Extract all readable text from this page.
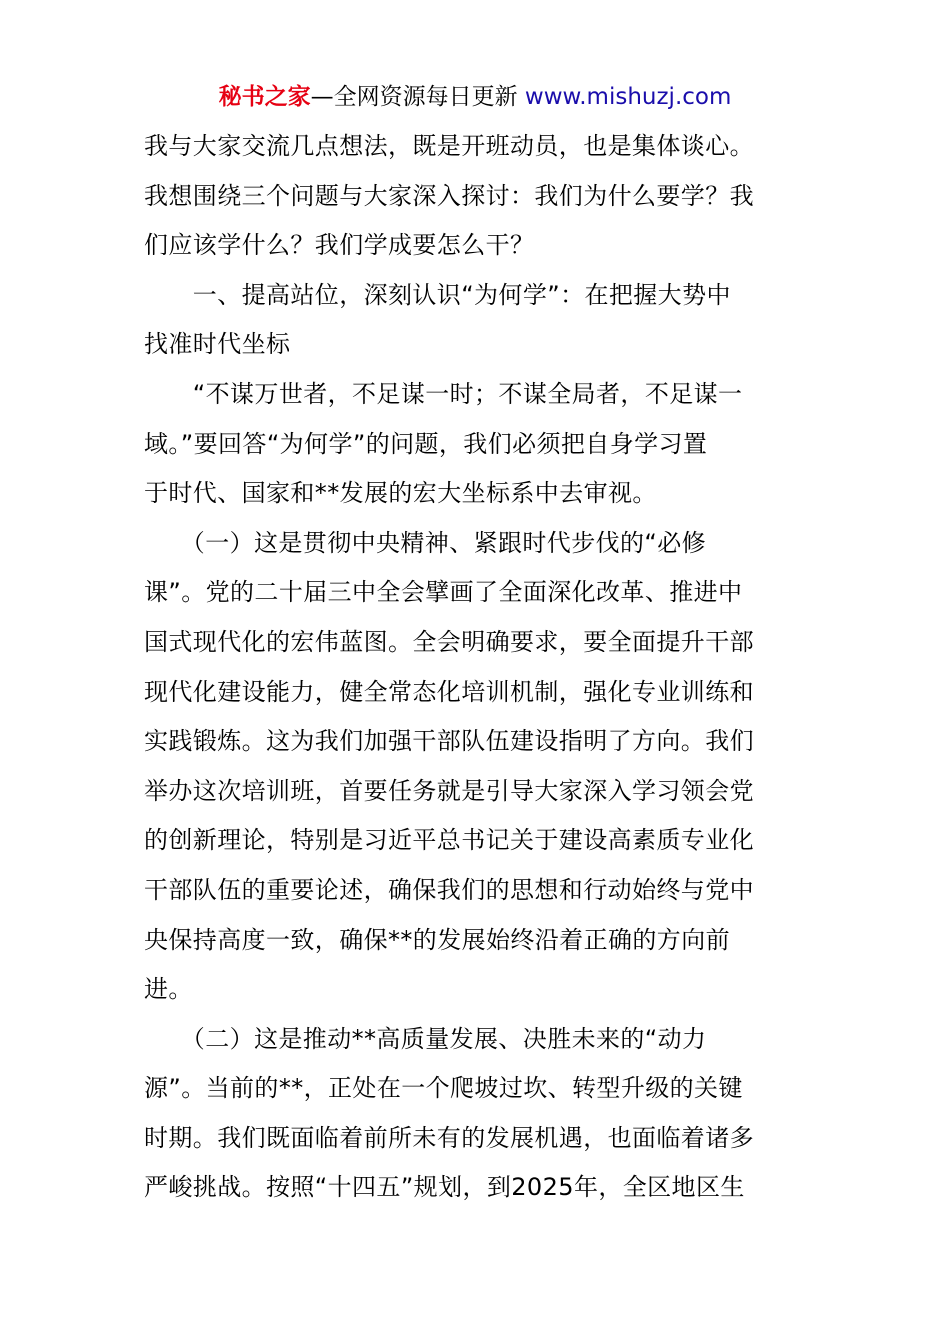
秘书之家—全网资源每日更新 www.mishuzj.com
我与大家交流几点想法，既是开班动员，也是集体谈心。
我想围绕三个问题与大家深入探讨：我们为什么要学？我
们应该学什么？我们学成要怎么干？
　　一、提高站位，深刻认识“为何学”：在把握大势中
找准时代坐标
　　“不谋万世者，不足谋一时；不谋全局者，不足谋一
域。”要回答“为何学”的问题，我们必须把自身学习置
于时代、国家和**发展的宏大坐标系中去审视。
　　（一）这是贯彻中央精神、紧跟时代步伐的“必修
课”。党的二十届三中全会擘画了全面深化改革、推进中
国式现代化的宏伟蓝图。全会明确要求，要全面提升干部
现代化建设能力，健全常态化培训机制，强化专业训练和
实践锻炼。这为我们加强干部队伍建设指明了方向。我们
举办这次培训班，首要任务就是引导大家深入学习领会党
的创新理论，特别是习近平总书记关于建设高素质专业化
干部队伍的重要论述，确保我们的思想和行动始终与党中
央保持高度一致，确保**的发展始终沿着正确的方向前
进。
　　（二）这是推动**高质量发展、决胜未来的“动力
源”。当前的**，正处在一个爬坡过坎、转型升级的关键
时期。我们既面临着前所未有的发展机遇，也面临着诸多
严峻挑战。按照“十四五”规划，到2025年，全区地区生
